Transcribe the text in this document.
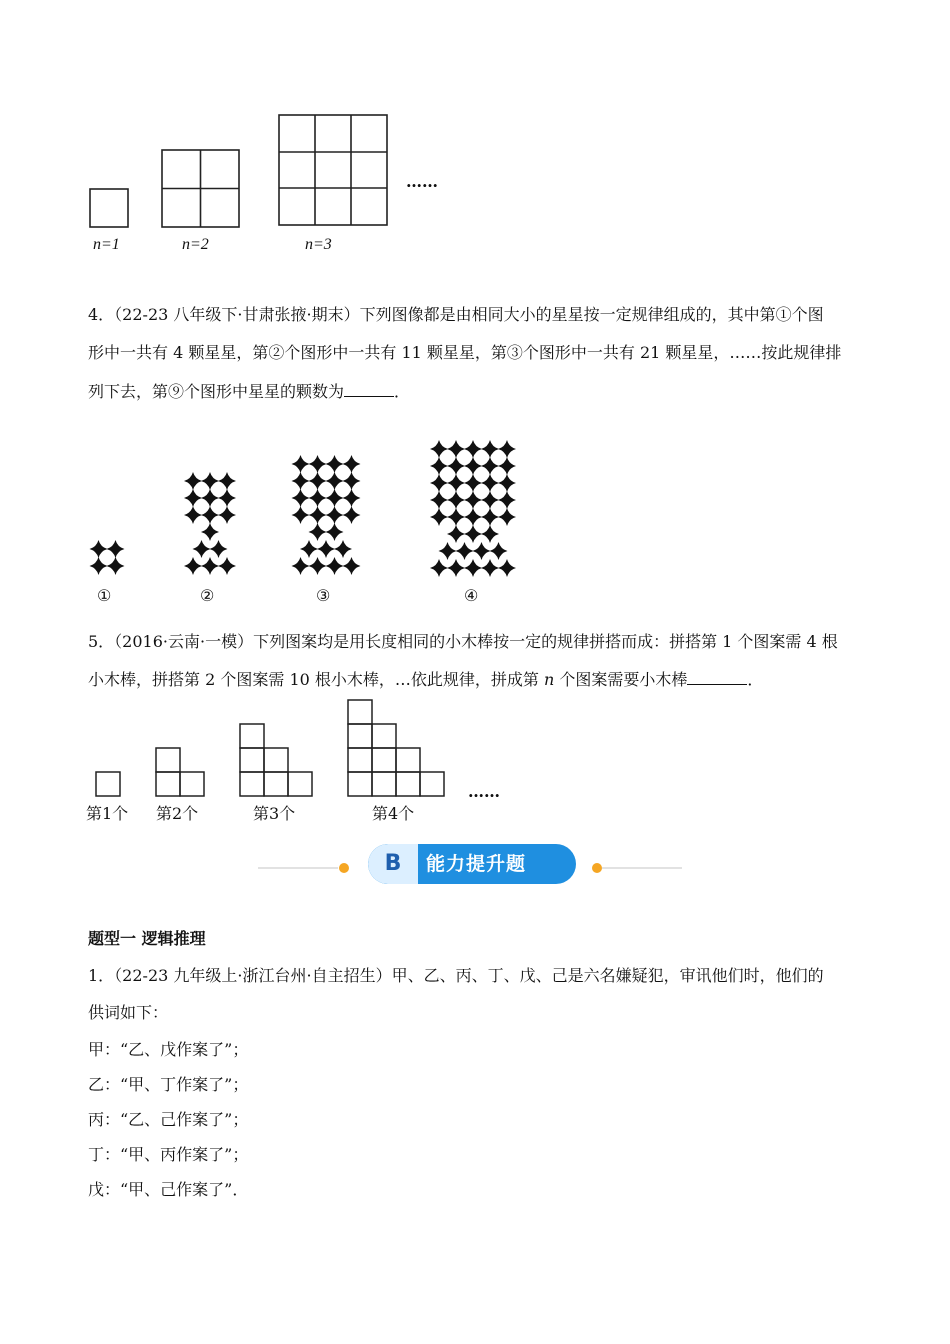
n=1	n=2	n=3
……
4．（22-23 八年级下·甘肃张掖·期末）下列图像都是由相同大小的星星按一定规律组成的，其中第①个图
形中一共有 4 颗星星，第②个图形中一共有 11 颗星星，第③个图形中一共有 21 颗星星，……按此规律排
列下去，第⑨个图形中星星的颗数为	．
①	②	③	④
5．（2016·云南·一模）下列图案均是用长度相同的小木棒按一定的规律拼搭而成：拼搭第 1 个图案需 4 根
小木棒，拼搭第 2 个图案需 10 根小木棒，…依此规律，拼成第 n 个图案需要小木棒	．
第1个 第2个	第3个	第4个
……
B	能力提升题
题型一 逻辑推理
1．（22-23 九年级上·浙江台州·自主招生）甲、乙、丙、丁、戊、己是六名嫌疑犯，审讯他们时，他们的
供词如下：
甲：“乙、戊作案了”；
乙：“甲、丁作案了”；
丙：“乙、己作案了”；
丁：“甲、丙作案了”；
戊：“甲、己作案了”．
